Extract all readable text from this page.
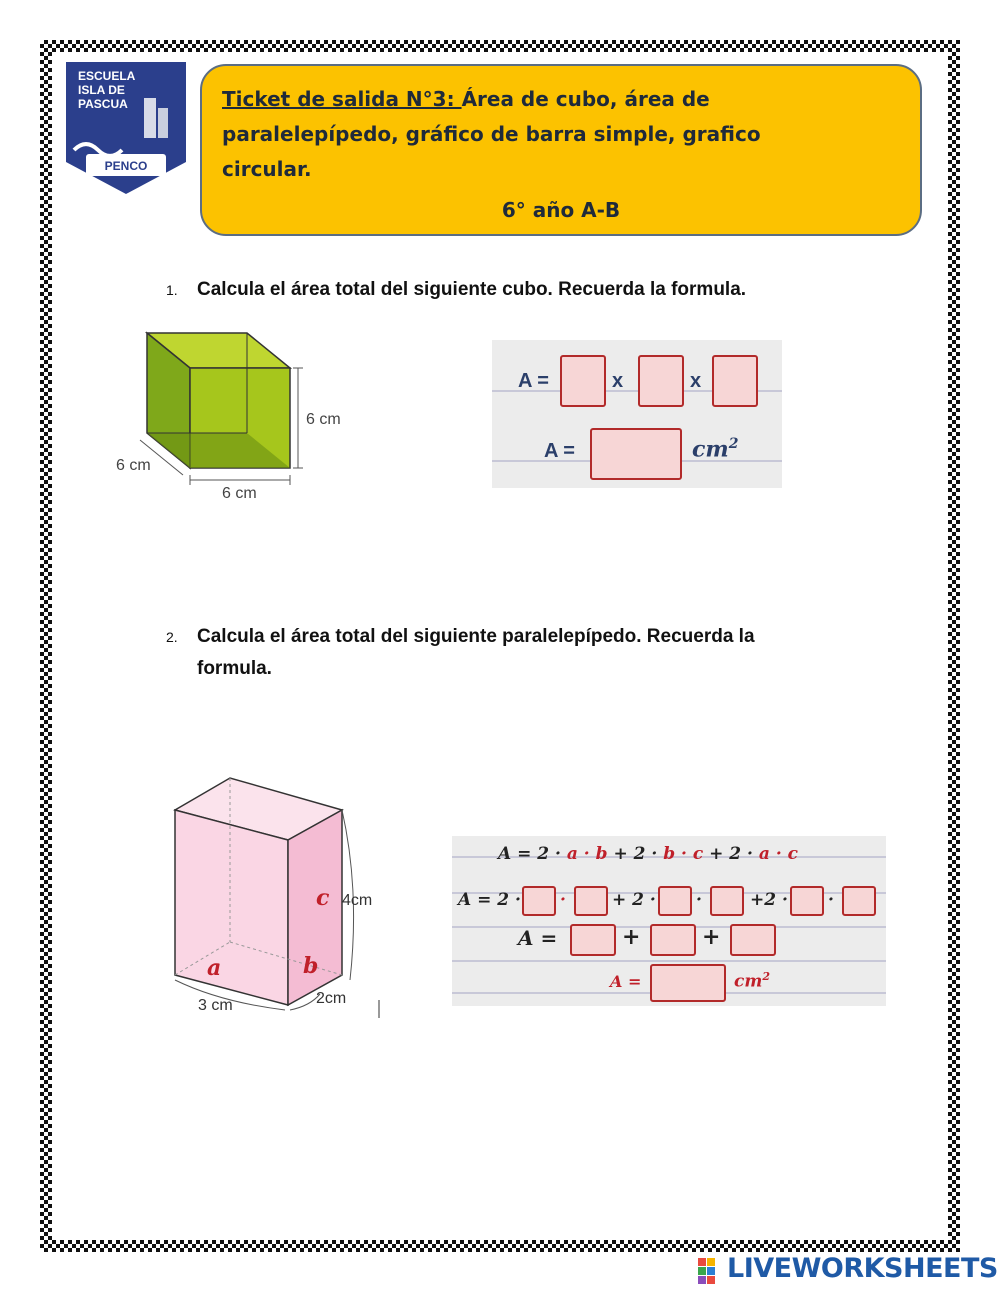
ESCUELA
ISLA DE
PASCUA
PENCO
Ticket de salida N°3: Área de cubo, área de
paralelepípedo, gráfico de barra simple, grafico
circular.
6° año A-B
1. Calcula el área total del siguiente cubo. Recuerda la formula.
6 cm
6 cm
6 cm
A =	x	x
A =	$cm^2$
2. Calcula el área total del siguiente paralelepípedo. Recuerda la
formula.
a	b
c 4cm
3 cm	2cm
A = 2 · a · b + 2 · b · c + 2 · a · c
A = 2 · ·	+ 2 · ·	+2 · ·
A =	+	+
A =	$cm^2$
LIVEWORKSHEETS
